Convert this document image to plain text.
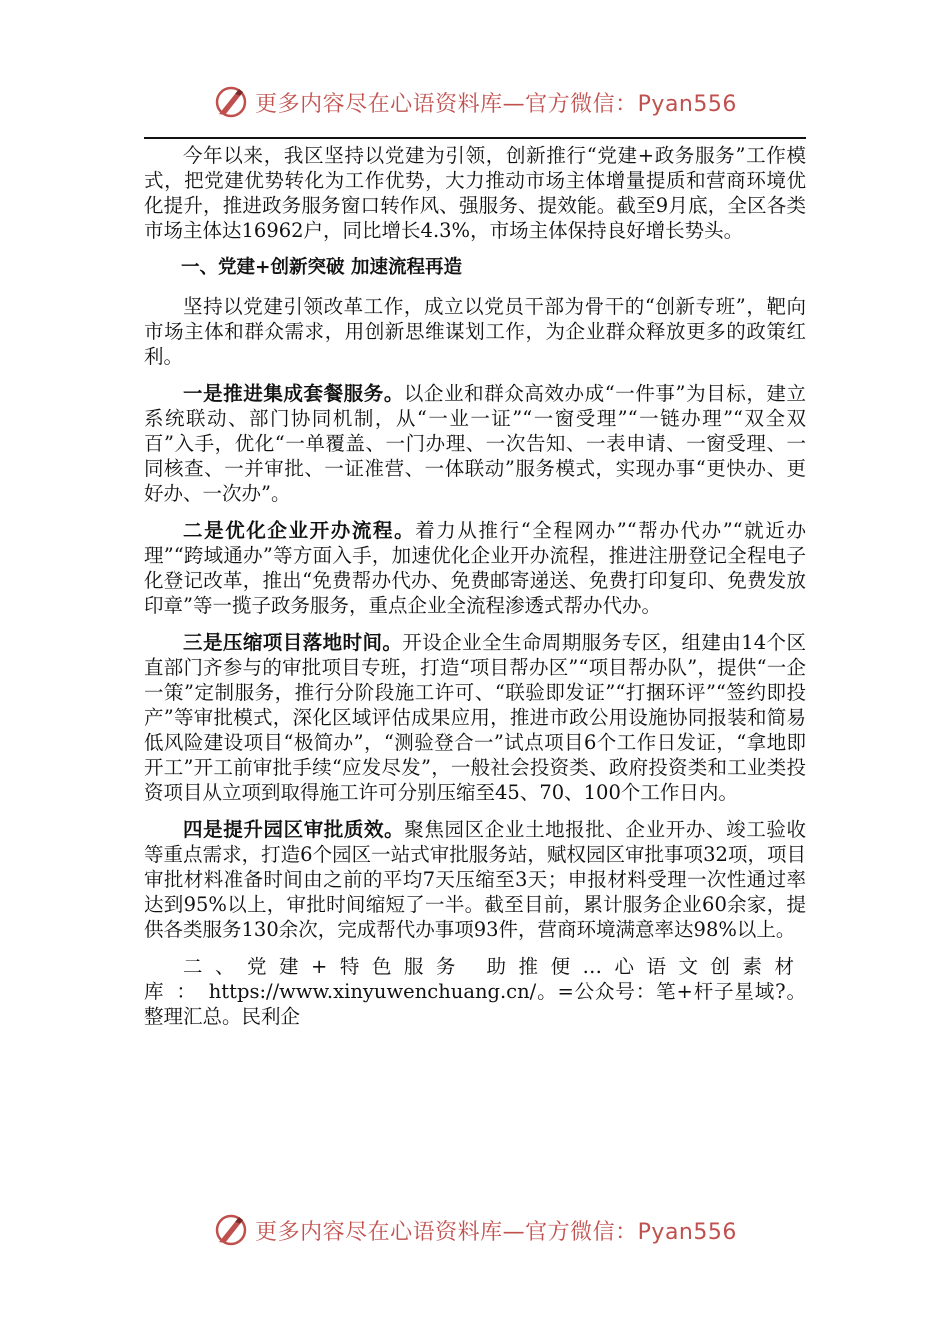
更多内容尽在心语资料库—官方微信：Pyan556

今年以来，我区坚持以党建为引领，创新推行“党建+政务服务”工作模式，把党建优势转化为工作优势，大力推动市场主体增量提质和营商环境优化提升，推进政务服务窗口转作风、强服务、提效能。截至9月底，全区各类市场主体达16962户，同比增长4.3%，市场主体保持良好增长势头。

一、党建+创新突破 加速流程再造

坚持以党建引领改革工作，成立以党员干部为骨干的“创新专班”，靶向市场主体和群众需求，用创新思维谋划工作，为企业群众释放更多的政策红利。

一是推进集成套餐服务。以企业和群众高效办成“一件事”为目标，建立系统联动、部门协同机制，从“一业一证”“一窗受理”“一链办理”“双全双百”入手，优化“一单覆盖、一门办理、一次告知、一表申请、一窗受理、一同核查、一并审批、一证准营、一体联动”服务模式，实现办事“更快办、更好办、一次办”。

二是优化企业开办流程。着力从推行“全程网办”“帮办代办”“就近办理”“跨域通办”等方面入手，加速优化企业开办流程，推进注册登记全程电子化登记改革，推出“免费帮办代办、免费邮寄递送、免费打印复印、免费发放印章”等一揽子政务服务，重点企业全流程渗透式帮办代办。

三是压缩项目落地时间。开设企业全生命周期服务专区，组建由14个区直部门齐参与的审批项目专班，打造“项目帮办区”“项目帮办队”，提供“一企一策”定制服务，推行分阶段施工许可、“联验即发证”“打捆环评”“签约即投产”等审批模式，深化区域评估成果应用，推进市政公用设施协同报装和简易低风险建设项目“极简办”，“测验登合一”试点项目6个工作日发证，“拿地即开工”开工前审批手续“应发尽发”，一般社会投资类、政府投资类和工业类投资项目从立项到取得施工许可分别压缩至45、70、100个工作日内。

四是提升园区审批质效。聚焦园区企业土地报批、企业开办、竣工验收等重点需求，打造6个园区一站式审批服务站，赋权园区审批事项32项，项目审批材料准备时间由之前的平均7天压缩至3天；申报材料受理一次性通过率达到95%以上，审批时间缩短了一半。截至目前，累计服务企业60余家，提供各类服务130余次，完成帮代办事项93件，营商环境满意率达98%以上。

二、党建+特色服务 助推便…心语文创素材库：https://www.xinyuwenchuang.cn/。=公众号：笔+杆子星域?。整理汇总。民利企

更多内容尽在心语资料库—官方微信：Pyan556
